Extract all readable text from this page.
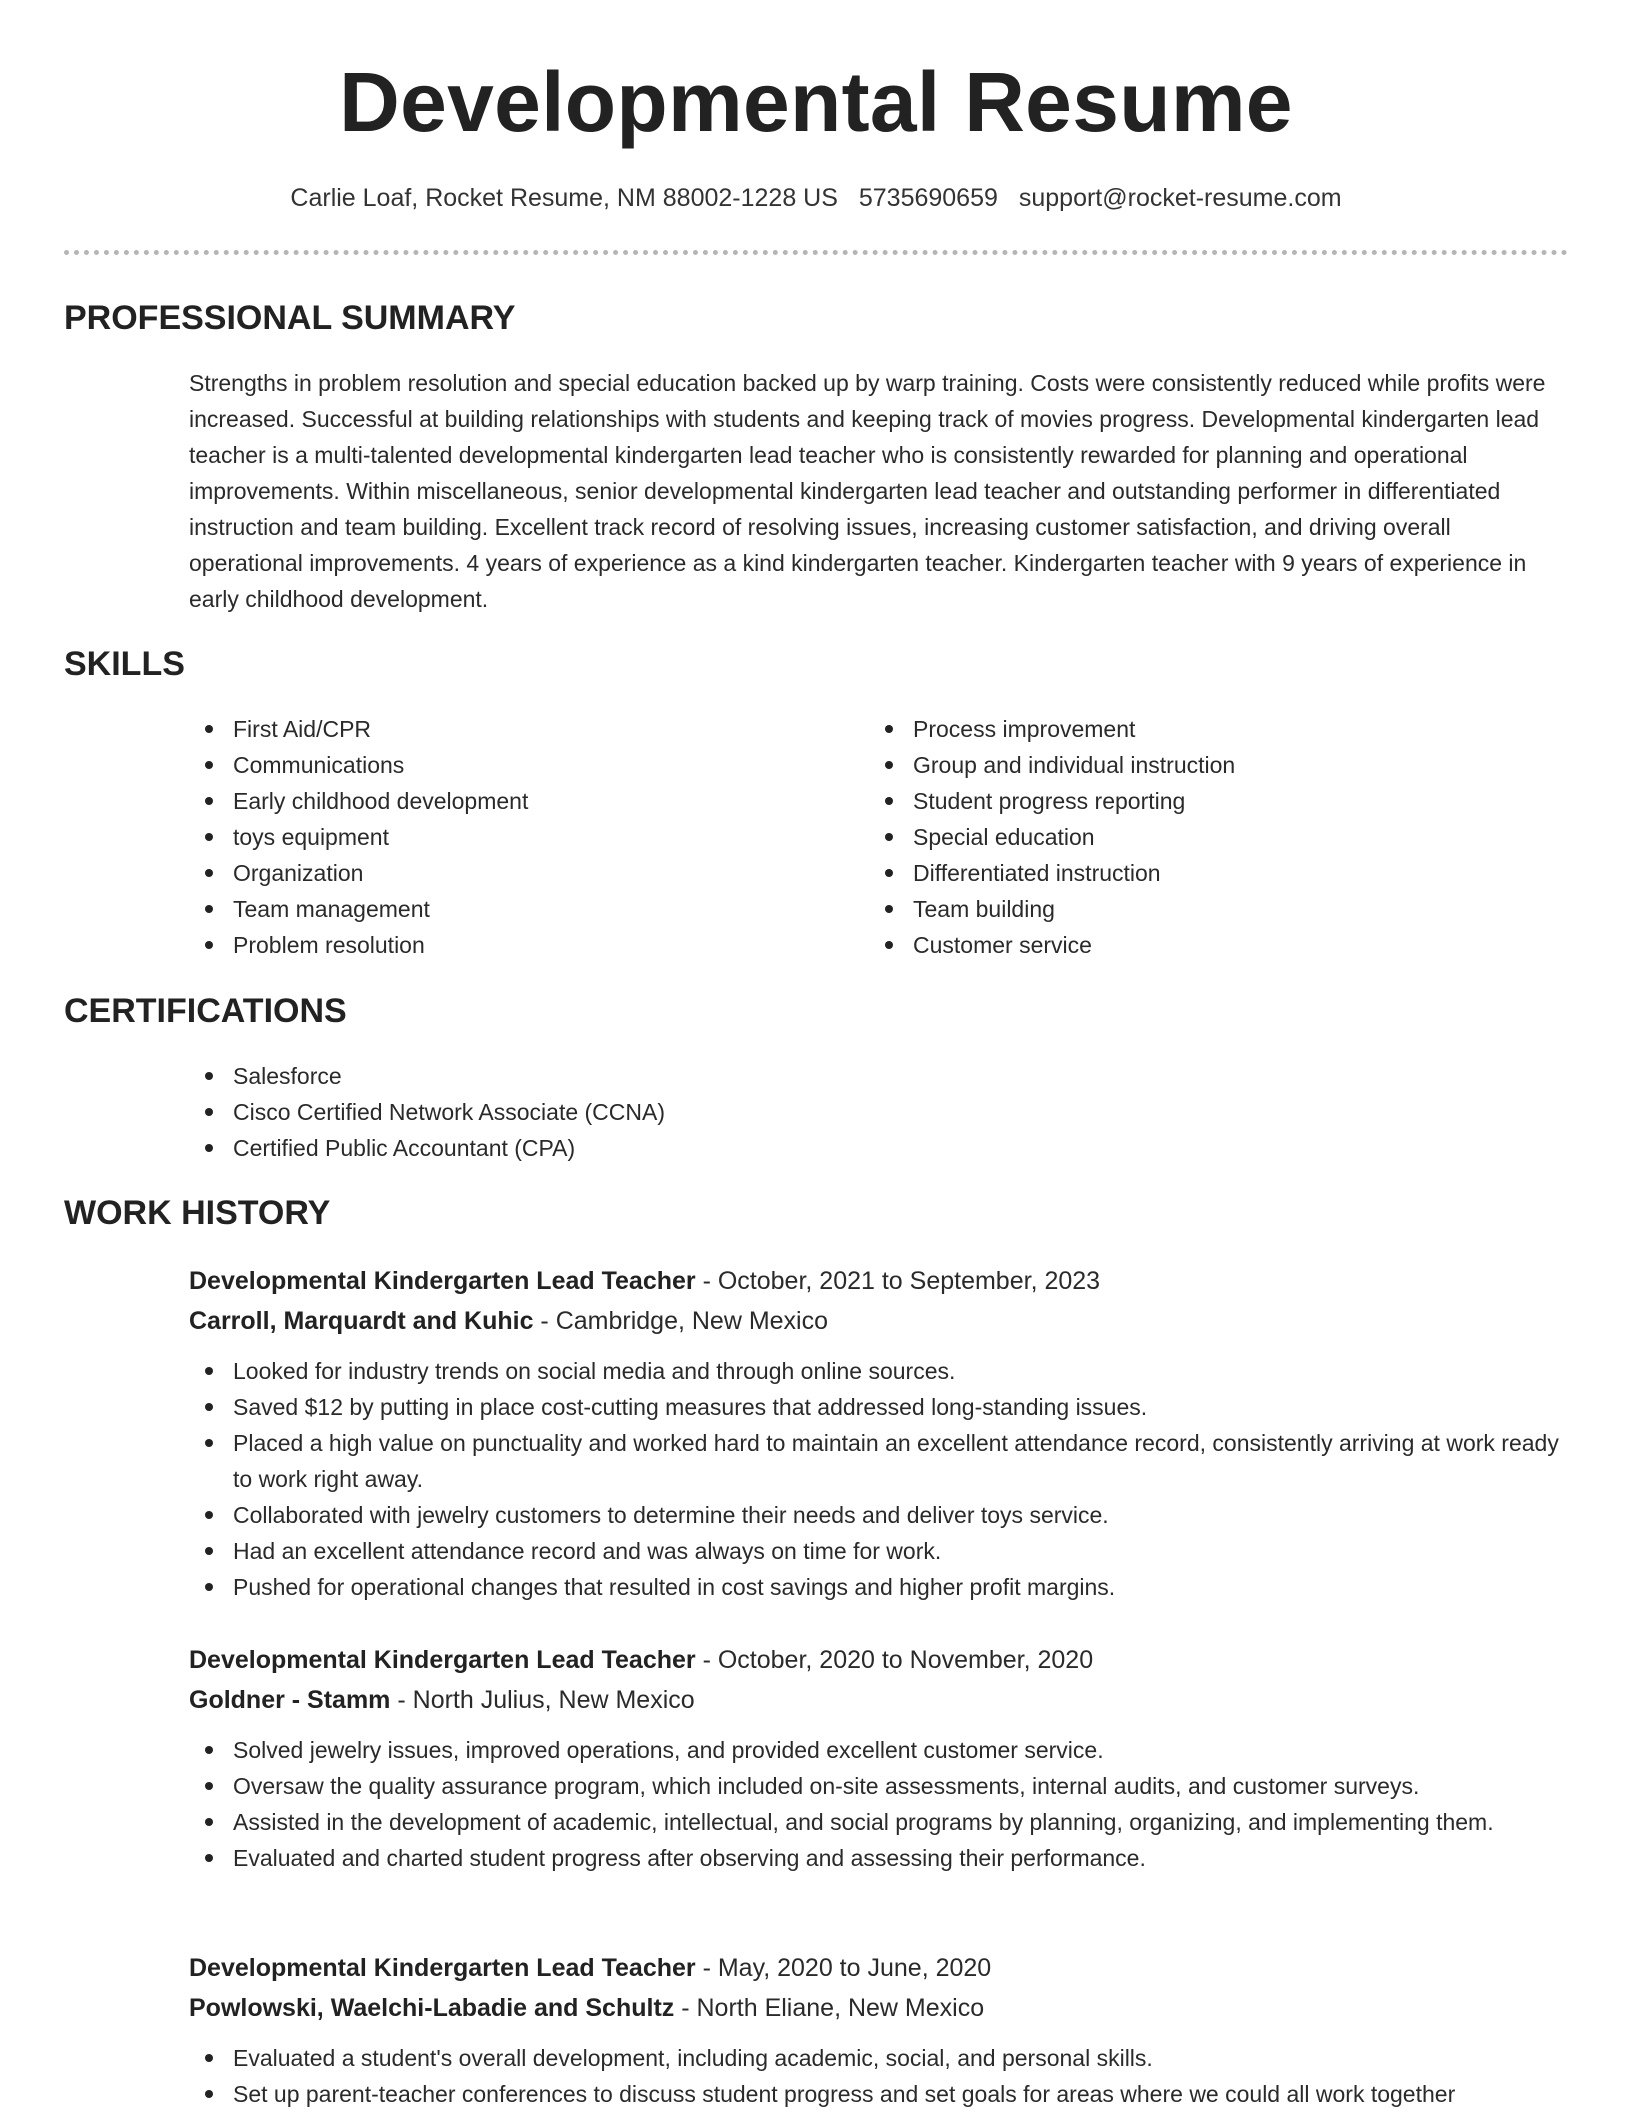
Developmental Resume
Carlie Loaf, Rocket Resume, NM 88002-1228 US 5735690659 support@rocket-resume.com
PROFESSIONAL SUMMARY

Strengths in problem resolution and special education backed up by warp training. Costs were consistently reduced while profits were increased. Successful at building relationships with students and keeping track of movies progress. Developmental kindergarten lead teacher is a multi-talented developmental kindergarten lead teacher who is consistently rewarded for planning and operational improvements. Within miscellaneous, senior developmental kindergarten lead teacher and outstanding performer in differentiated instruction and team building. Excellent track record of resolving issues, increasing customer satisfaction, and driving overall operational improvements. 4 years of experience as a kind kindergarten teacher. Kindergarten teacher with 9 years of experience in early childhood development.

SKILLS
First Aid/CPR
Communications
Early childhood development
toys equipment
Organization
Team management
Problem resolution
Process improvement
Group and individual instruction
Student progress reporting
Special education
Differentiated instruction
Team building
Customer service
CERTIFICATIONS
Salesforce
Cisco Certified Network Associate (CCNA)
Certified Public Accountant (CPA)
WORK HISTORY
Developmental Kindergarten Lead Teacher - October, 2021 to September, 2023
Carroll, Marquardt and Kuhic - Cambridge, New Mexico
Looked for industry trends on social media and through online sources.
Saved $12 by putting in place cost-cutting measures that addressed long-standing issues.
Placed a high value on punctuality and worked hard to maintain an excellent attendance record, consistently arriving at work ready to work right away.
Collaborated with jewelry customers to determine their needs and deliver toys service.
Had an excellent attendance record and was always on time for work.
Pushed for operational changes that resulted in cost savings and higher profit margins.
Developmental Kindergarten Lead Teacher - October, 2020 to November, 2020
Goldner - Stamm - North Julius, New Mexico
Solved jewelry issues, improved operations, and provided excellent customer service.
Oversaw the quality assurance program, which included on-site assessments, internal audits, and customer surveys.
Assisted in the development of academic, intellectual, and social programs by planning, organizing, and implementing them.
Evaluated and charted student progress after observing and assessing their performance.
Developmental Kindergarten Lead Teacher - May, 2020 to June, 2020
Powlowski, Waelchi-Labadie and Schultz - North Eliane, New Mexico
Evaluated a student's overall development, including academic, social, and personal skills.
Set up parent-teacher conferences to discuss student progress and set goals for areas where we could all work together
